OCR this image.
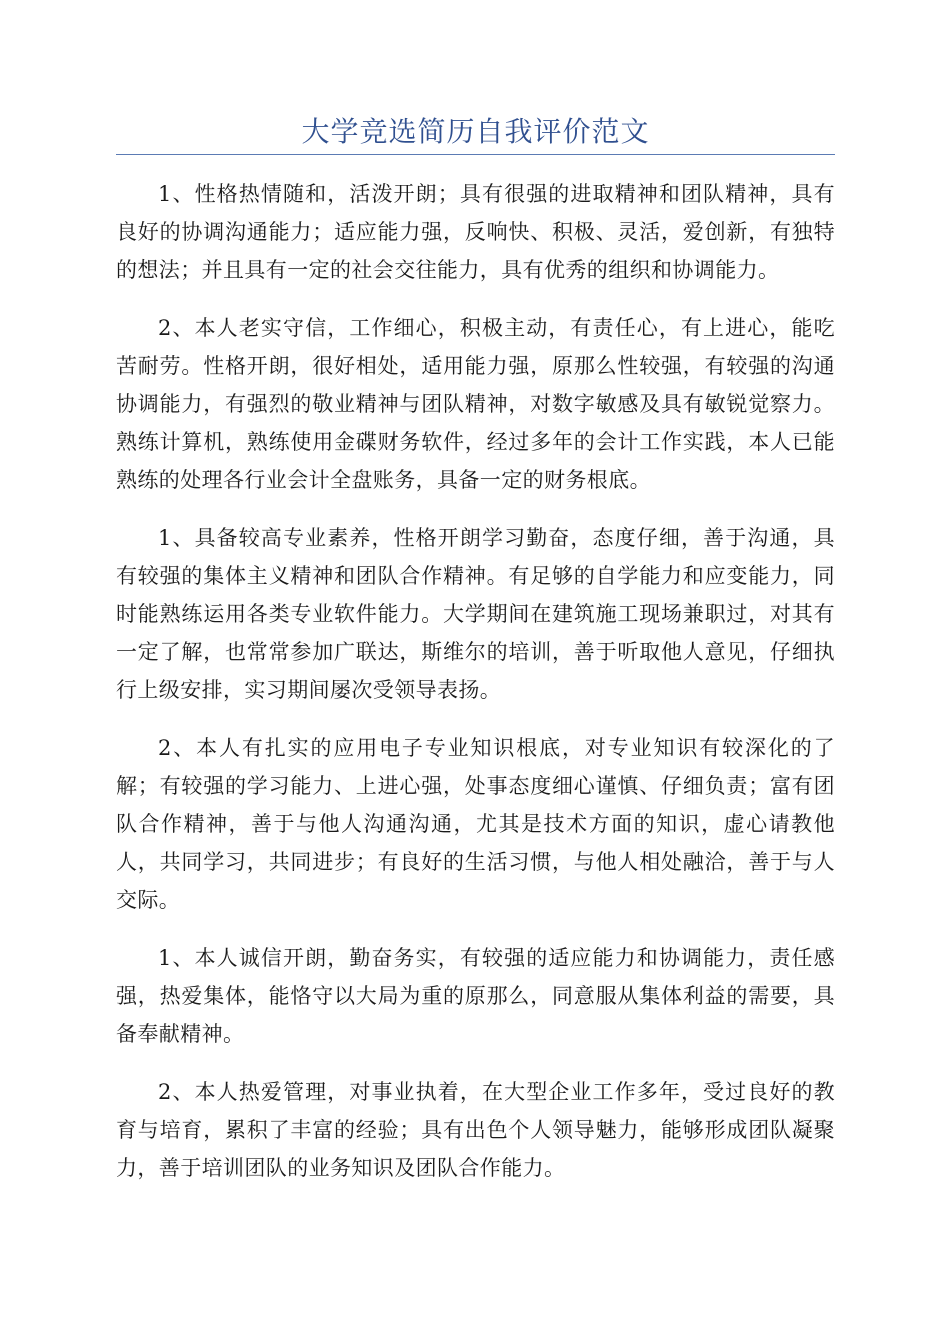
大学竞选简历自我评价范文

1、性格热情随和，活泼开朗；具有很强的进取精神和团队精神，具有良好的协调沟通能力；适应能力强，反响快、积极、灵活，爱创新，有独特的想法；并且具有一定的社会交往能力，具有优秀的组织和协调能力。

2、本人老实守信，工作细心，积极主动，有责任心，有上进心，能吃苦耐劳。性格开朗，很好相处，适用能力强，原那么性较强，有较强的沟通协调能力，有强烈的敬业精神与团队精神，对数字敏感及具有敏锐觉察力。熟练计算机，熟练使用金碟财务软件，经过多年的会计工作实践，本人已能熟练的处理各行业会计全盘账务，具备一定的财务根底。

1、具备较高专业素养，性格开朗学习勤奋，态度仔细，善于沟通，具有较强的集体主义精神和团队合作精神。有足够的自学能力和应变能力，同时能熟练运用各类专业软件能力。大学期间在建筑施工现场兼职过，对其有一定了解，也常常参加广联达，斯维尔的培训，善于听取他人意见，仔细执行上级安排，实习期间屡次受领导表扬。

2、本人有扎实的应用电子专业知识根底，对专业知识有较深化的了解；有较强的学习能力、上进心强，处事态度细心谨慎、仔细负责；富有团队合作精神，善于与他人沟通沟通，尤其是技术方面的知识，虚心请教他人，共同学习，共同进步；有良好的生活习惯，与他人相处融洽，善于与人交际。

1、本人诚信开朗，勤奋务实，有较强的适应能力和协调能力，责任感强，热爱集体，能恪守以大局为重的原那么，同意服从集体利益的需要，具备奉献精神。

2、本人热爱管理，对事业执着，在大型企业工作多年，受过良好的教育与培育，累积了丰富的经验；具有出色个人领导魅力，能够形成团队凝聚力，善于培训团队的业务知识及团队合作能力。
